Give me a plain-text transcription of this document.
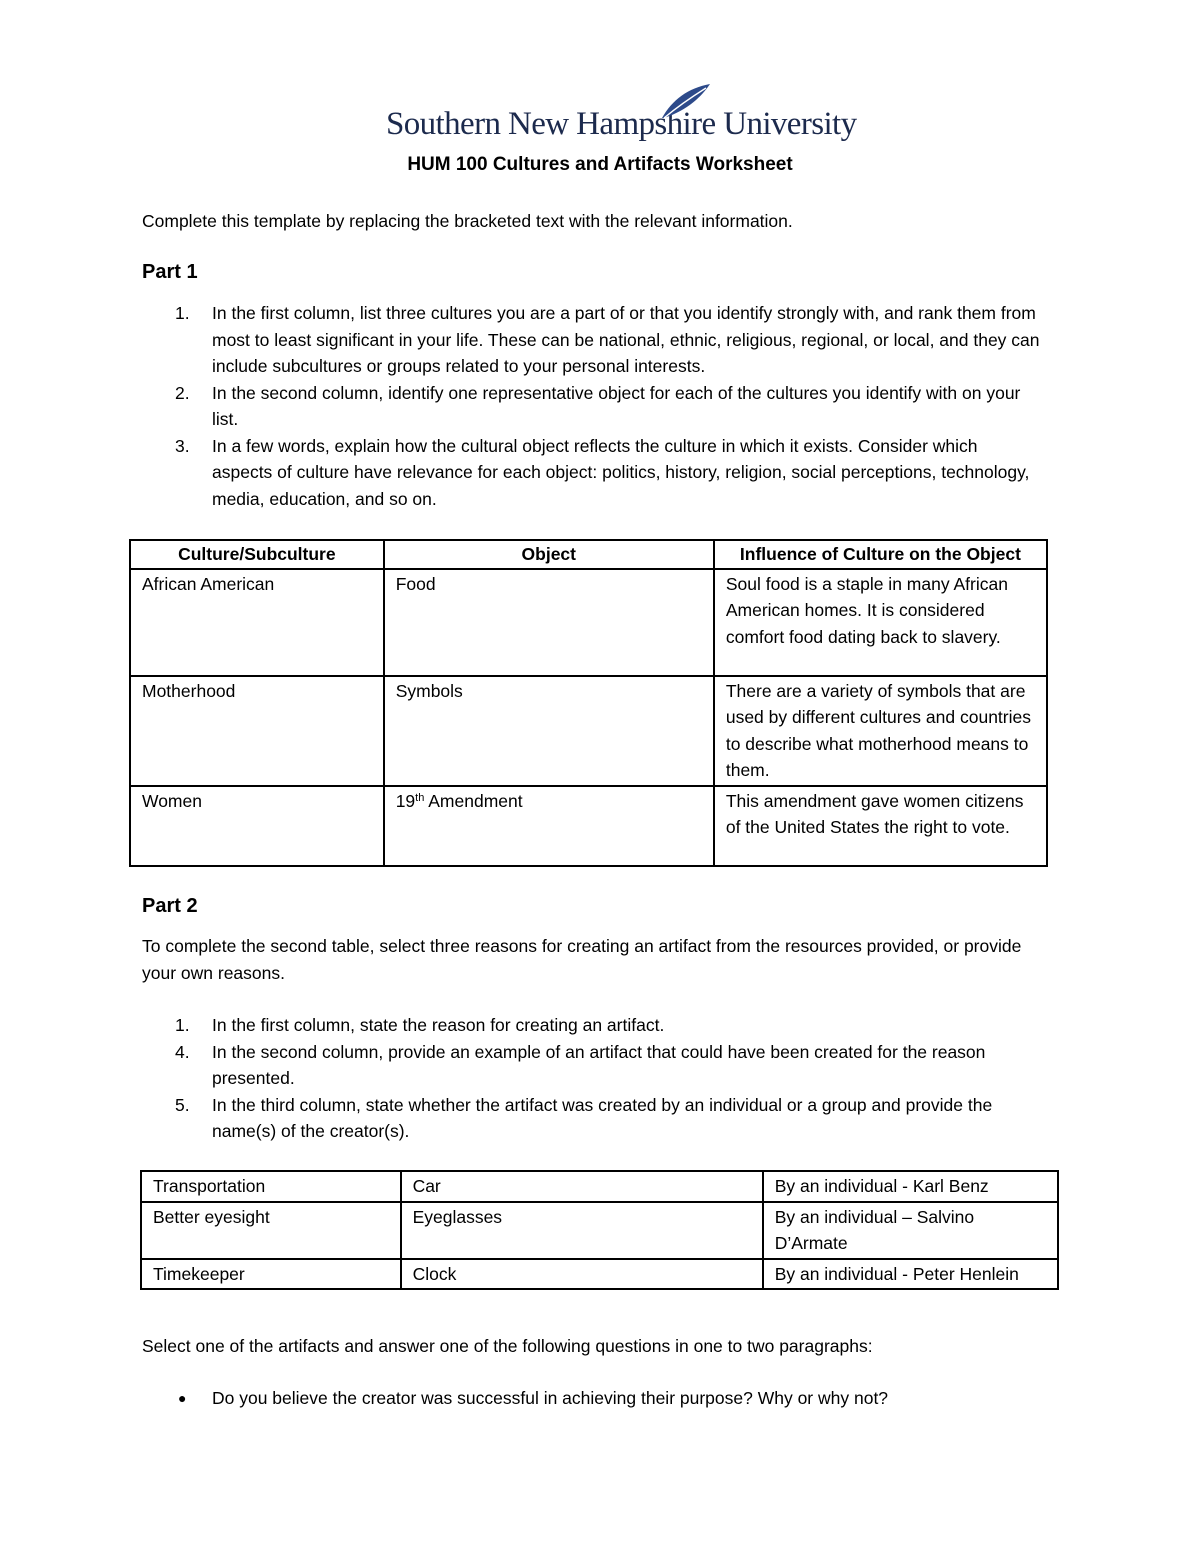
Southern New Hampshire University
HUM 100 Cultures and Artifacts Worksheet
Complete this template by replacing the bracketed text with the relevant information.
Part 1
1. In the first column, list three cultures you are a part of or that you identify strongly with, and rank them from most to least significant in your life. These can be national, ethnic, religious, regional, or local, and they can include subcultures or groups related to your personal interests.
2. In the second column, identify one representative object for each of the cultures you identify with on your list.
3. In a few words, explain how the cultural object reflects the culture in which it exists. Consider which aspects of culture have relevance for each object: politics, history, religion, social perceptions, technology, media, education, and so on.
Culture/Subculture	Object	Influence of Culture on the Object
African American	Food	Soul food is a staple in many African American homes. It is considered comfort food dating back to slavery.
Motherhood	Symbols	There are a variety of symbols that are used by different cultures and countries to describe what motherhood means to them.
Women	19th Amendment	This amendment gave women citizens of the United States the right to vote.
Part 2
To complete the second table, select three reasons for creating an artifact from the resources provided, or provide your own reasons.
1. In the first column, state the reason for creating an artifact.
4. In the second column, provide an example of an artifact that could have been created for the reason presented.
5. In the third column, state whether the artifact was created by an individual or a group and provide the name(s) of the creator(s).
Transportation	Car	By an individual - Karl Benz
Better eyesight	Eyeglasses	By an individual – Salvino D’Armate
Timekeeper	Clock	By an individual - Peter Henlein
Select one of the artifacts and answer one of the following questions in one to two paragraphs:
● Do you believe the creator was successful in achieving their purpose? Why or why not?
